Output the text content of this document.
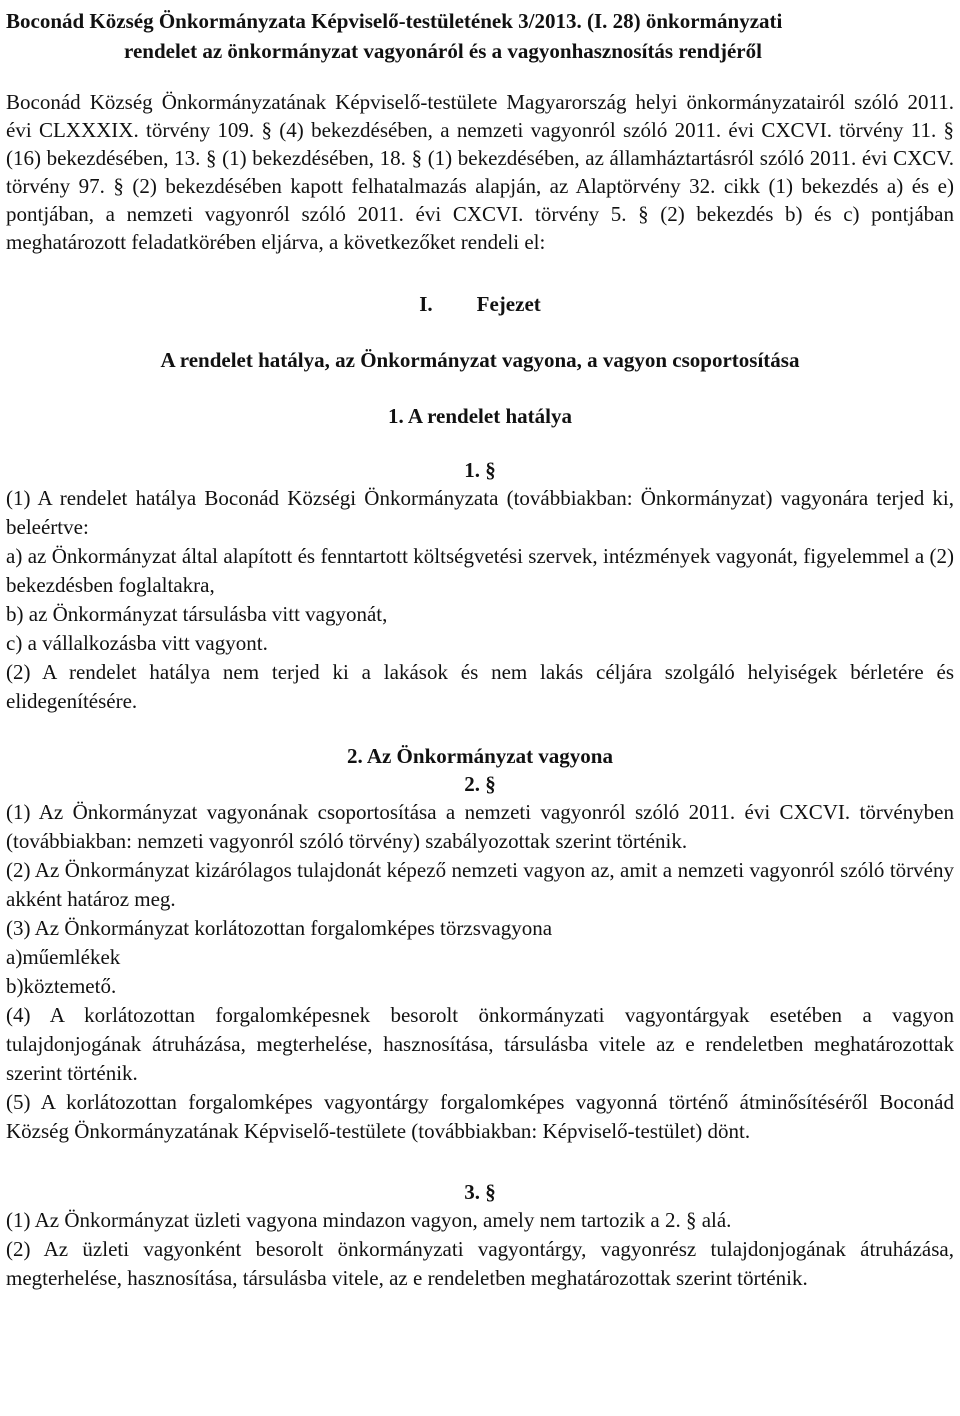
Boconád Község Önkormányzata Képviselő-testületének 3/2013. (I. 28) önkormányzati
rendelet az önkormányzat vagyonáról és a vagyonhasznosítás rendjéről

Boconád Község Önkormányzatának Képviselő-testülete Magyarország helyi önkormányzatairól szóló 2011. évi CLXXXIX. törvény 109. § (4) bekezdésében, a nemzeti vagyonról szóló 2011. évi CXCVI. törvény 11. § (16) bekezdésében, 13. § (1) bekezdésében, 18. § (1) bekezdésében, az államháztartásról szóló 2011. évi CXCV. törvény 97. § (2) bekezdésében kapott felhatalmazás alapján, az Alaptörvény 32. cikk (1) bekezdés a) és e) pontjában, a nemzeti vagyonról szóló 2011. évi CXCVI. törvény 5. § (2) bekezdés b) és c) pontjában meghatározott feladatkörében eljárva, a következőket rendeli el:

I. Fejezet
A rendelet hatálya, az Önkormányzat vagyona, a vagyon csoportosítása
1. A rendelet hatálya
1. §

(1) A rendelet hatálya Boconád Községi Önkormányzata (továbbiakban: Önkormányzat) vagyonára terjed ki, beleértve:

a) az Önkormányzat által alapított és fenntartott költségvetési szervek, intézmények vagyonát, figyelemmel a (2) bekezdésben foglaltakra,

b) az Önkormányzat társulásba vitt vagyonát,

c) a vállalkozásba vitt vagyont.

(2) A rendelet hatálya nem terjed ki a lakások és nem lakás céljára szolgáló helyiségek bérletére és elidegenítésére.

2. Az Önkormányzat vagyona
2. §

(1) Az Önkormányzat vagyonának csoportosítása a nemzeti vagyonról szóló 2011. évi CXCVI. törvényben (továbbiakban: nemzeti vagyonról szóló törvény) szabályozottak szerint történik.

(2) Az Önkormányzat kizárólagos tulajdonát képező nemzeti vagyon az, amit a nemzeti vagyonról szóló törvény akként határoz meg.

(3) Az Önkormányzat korlátozottan forgalomképes törzsvagyona

a)műemlékek

b)köztemető.

(4) A korlátozottan forgalomképesnek besorolt önkormányzati vagyontárgyak esetében a vagyon tulajdonjogának átruházása, megterhelése, hasznosítása, társulásba vitele az e rendeletben meghatározottak szerint történik.

(5) A korlátozottan forgalomképes vagyontárgy forgalomképes vagyonná történő átminősítéséről Boconád Község Önkormányzatának Képviselő-testülete (továbbiakban: Képviselő-testület) dönt.

3. §

(1) Az Önkormányzat üzleti vagyona mindazon vagyon, amely nem tartozik a 2. § alá.

(2) Az üzleti vagyonként besorolt önkormányzati vagyontárgy, vagyonrész tulajdonjogának átruházása, megterhelése, hasznosítása, társulásba vitele, az e rendeletben meghatározottak szerint történik.
